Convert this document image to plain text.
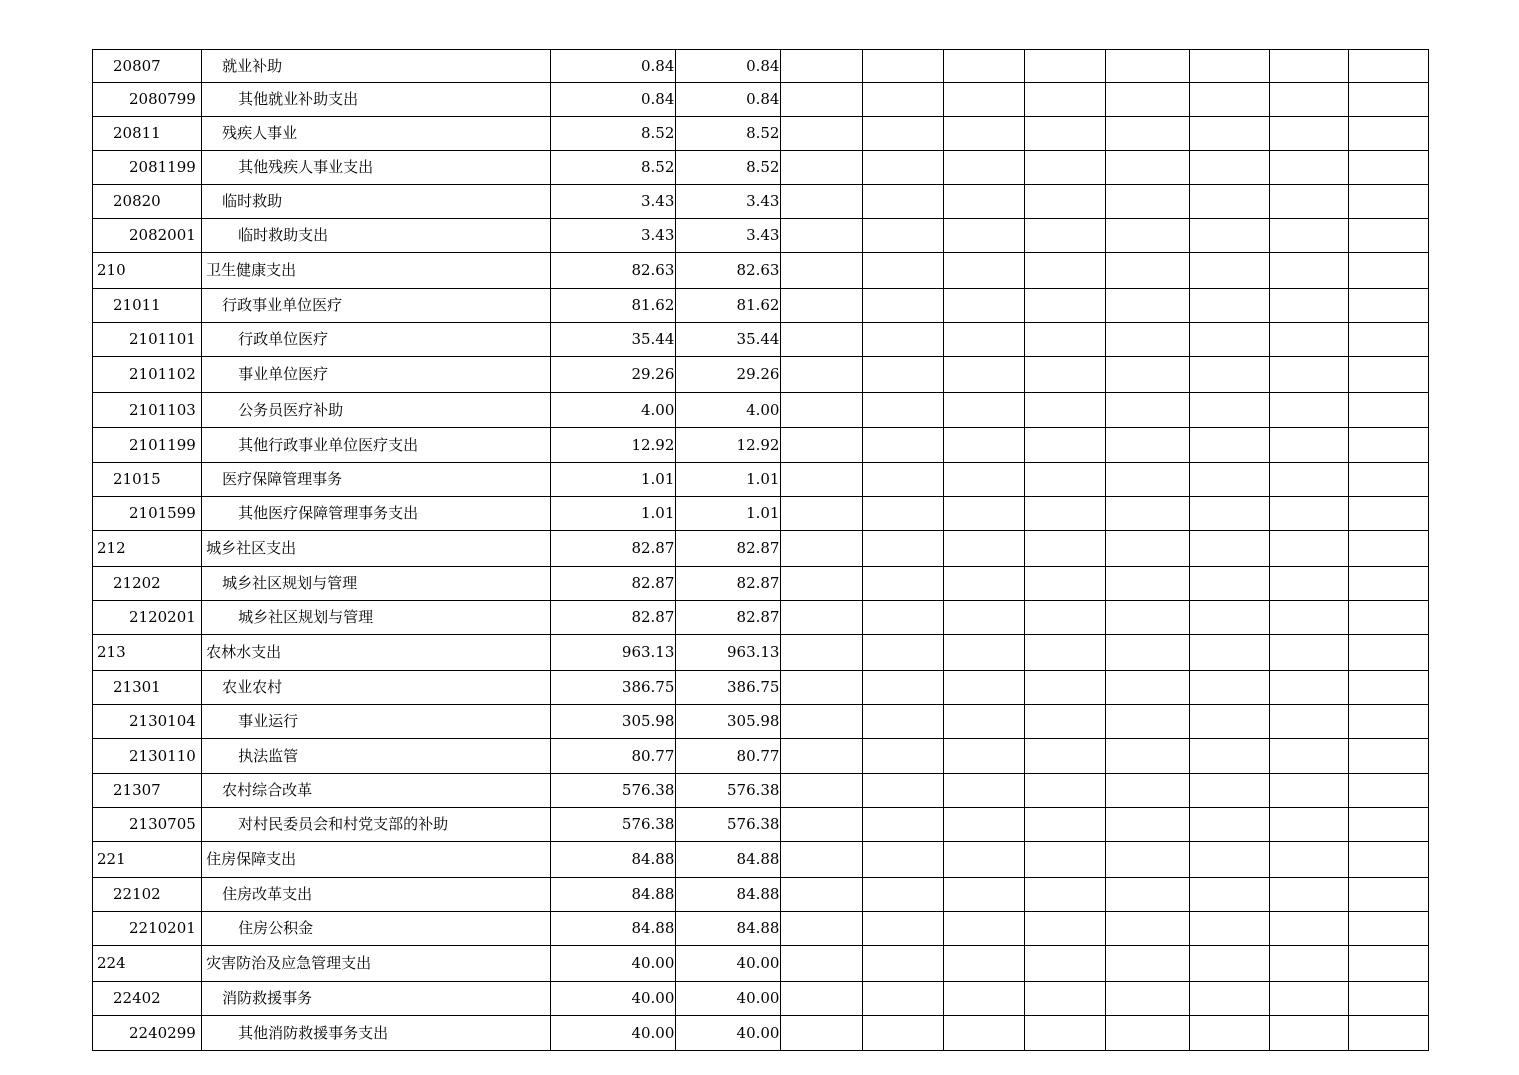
20807	就业补助	0.84	0.84								
2080799	其他就业补助支出	0.84	0.84								
20811	残疾人事业	8.52	8.52								
2081199	其他残疾人事业支出	8.52	8.52								
20820	临时救助	3.43	3.43								
2082001	临时救助支出	3.43	3.43								
210	卫生健康支出	82.63	82.63								
21011	行政事业单位医疗	81.62	81.62								
2101101	行政单位医疗	35.44	35.44								
2101102	事业单位医疗	29.26	29.26								
2101103	公务员医疗补助	4.00	4.00								
2101199	其他行政事业单位医疗支出	12.92	12.92								
21015	医疗保障管理事务	1.01	1.01								
2101599	其他医疗保障管理事务支出	1.01	1.01								
212	城乡社区支出	82.87	82.87								
21202	城乡社区规划与管理	82.87	82.87								
2120201	城乡社区规划与管理	82.87	82.87								
213	农林水支出	963.13	963.13								
21301	农业农村	386.75	386.75								
2130104	事业运行	305.98	305.98								
2130110	执法监管	80.77	80.77								
21307	农村综合改革	576.38	576.38								
2130705	对村民委员会和村党支部的补助	576.38	576.38								
221	住房保障支出	84.88	84.88								
22102	住房改革支出	84.88	84.88								
2210201	住房公积金	84.88	84.88								
224	灾害防治及应急管理支出	40.00	40.00								
22402	消防救援事务	40.00	40.00								
2240299	其他消防救援事务支出	40.00	40.00								
